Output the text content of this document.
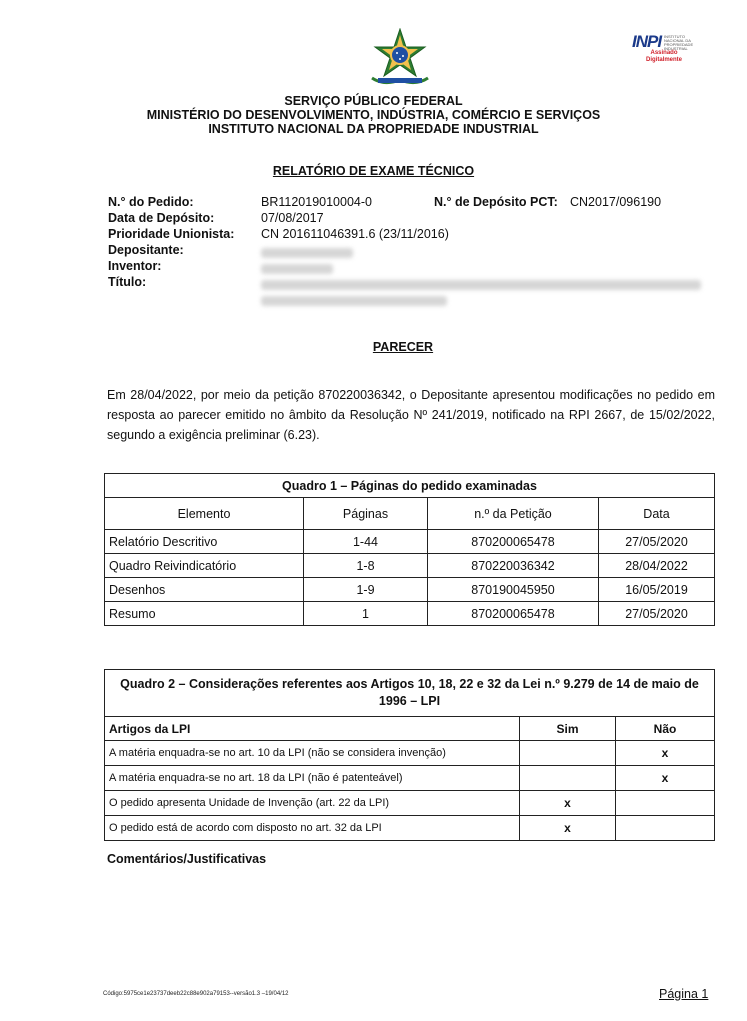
INPI INSTITUTO NACIONAL DA PROPRIEDADE INDUSTRIAL
Assinado Digitalmente
SERVIÇO PÚBLICO FEDERAL
MINISTÉRIO DO DESENVOLVIMENTO, INDÚSTRIA, COMÉRCIO E SERVIÇOS
INSTITUTO NACIONAL DA PROPRIEDADE INDUSTRIAL
RELATÓRIO DE EXAME TÉCNICO
N.° do Pedido:	BR112019010004-0	N.° de Depósito PCT: CN2017/096190
Data de Depósito:	07/08/2017
Prioridade Unionista: CN 201611046391.6 (23/11/2016)
Depositante:
Inventor:
Título:
PARECER
Em 28/04/2022, por meio da petição 870220036342, o Depositante apresentou modificações no pedido em resposta ao parecer emitido no âmbito da Resolução Nº 241/2019, notificado na RPI 2667, de 15/02/2022, segundo a exigência preliminar (6.23).
Quadro 1 – Páginas do pedido examinadas			
Elemento	Páginas	n.º da Petição	Data
Relatório Descritivo	1-44	870200065478	27/05/2020
Quadro Reivindicatório	1-8	870220036342	28/04/2022
Desenhos	1-9	870190045950	16/05/2019
Resumo	1	870200065478	27/05/2020
Quadro 2 – Considerações referentes aos Artigos 10, 18, 22 e 32 da Lei n.º 9.279 de 14 de maio de 1996 – LPI		
Artigos da LPI	Sim	Não
A matéria enquadra-se no art. 10 da LPI (não se considera invenção)		x
A matéria enquadra-se no art. 18 da LPI (não é patenteável)		x
O pedido apresenta Unidade de Invenção (art. 22 da LPI)	x	
O pedido está de acordo com disposto no art. 32 da LPI	x	
Comentários/Justificativas
Código:5975ce1e23737deeb22c88e902a79153--versão1.3 –19/04/12	Página 1
